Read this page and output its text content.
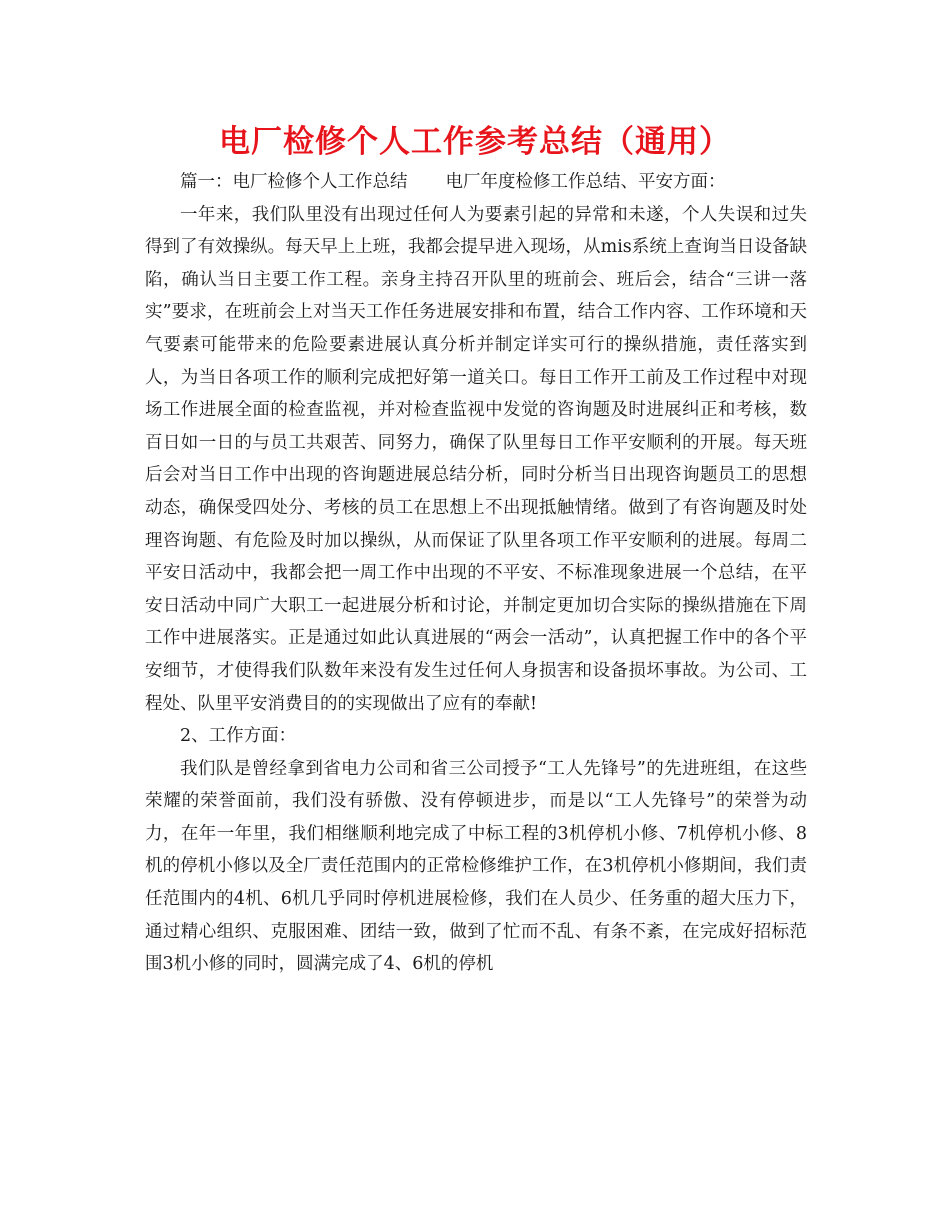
电厂检修个人工作参考总结（通用）

篇一：电厂检修个人工作总结 电厂年度检修工作总结、平安方面：

一年来，我们队里没有出现过任何人为要素引起的异常和未遂，个人失误和过失得到了有效操纵。每天早上上班，我都会提早进入现场，从mis系统上查询当日设备缺陷，确认当日主要工作工程。亲身主持召开队里的班前会、班后会，结合“三讲一落实”要求，在班前会上对当天工作任务进展安排和布置，结合工作内容、工作环境和天气要素可能带来的危险要素进展认真分析并制定详实可行的操纵措施，责任落实到人，为当日各项工作的顺利完成把好第一道关口。每日工作开工前及工作过程中对现场工作进展全面的检查监视，并对检查监视中发觉的咨询题及时进展纠正和考核，数百日如一日的与员工共艰苦、同努力，确保了队里每日工作平安顺利的开展。每天班后会对当日工作中出现的咨询题进展总结分析，同时分析当日出现咨询题员工的思想动态，确保受四处分、考核的员工在思想上不出现抵触情绪。做到了有咨询题及时处理咨询题、有危险及时加以操纵，从而保证了队里各项工作平安顺利的进展。每周二平安日活动中，我都会把一周工作中出现的不平安、不标准现象进展一个总结，在平安日活动中同广大职工一起进展分析和讨论，并制定更加切合实际的操纵措施在下周工作中进展落实。正是通过如此认真进展的“两会一活动”，认真把握工作中的各个平安细节，才使得我们队数年来没有发生过任何人身损害和设备损坏事故。为公司、工程处、队里平安消费目的的实现做出了应有的奉献!

2、工作方面：

我们队是曾经拿到省电力公司和省三公司授予“工人先锋号”的先进班组，在这些荣耀的荣誉面前，我们没有骄傲、没有停顿进步，而是以“工人先锋号”的荣誉为动力，在年一年里，我们相继顺利地完成了中标工程的3机停机小修、7机停机小修、8机的停机小修以及全厂责任范围内的正常检修维护工作，在3机停机小修期间，我们责任范围内的4机、6机几乎同时停机进展检修，我们在人员少、任务重的超大压力下，通过精心组织、克服困难、团结一致，做到了忙而不乱、有条不紊，在完成好招标范围3机小修的同时，圆满完成了4、6机的停机
